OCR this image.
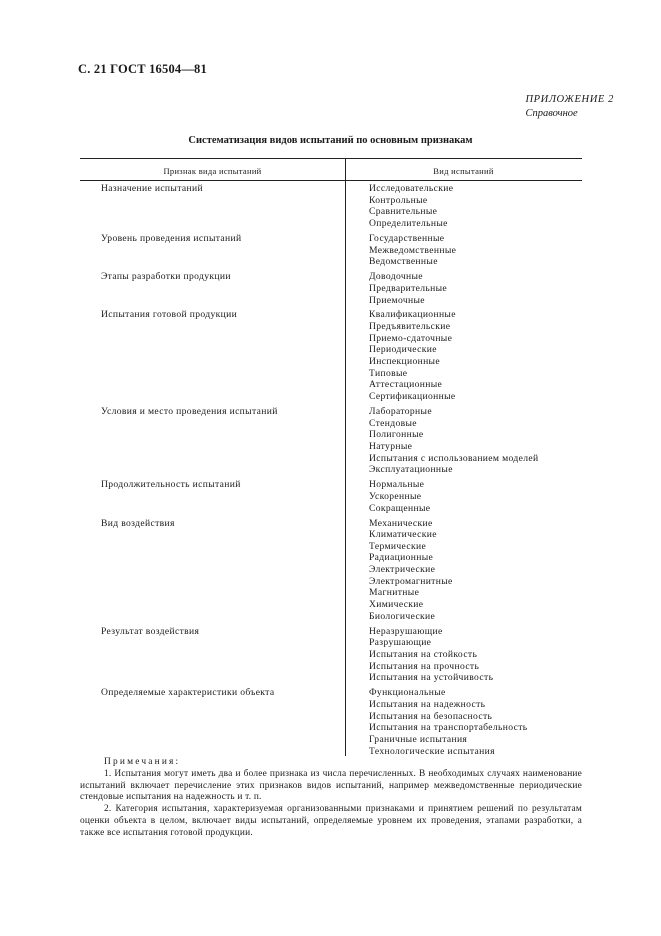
С. 21 ГОСТ 16504—81
ПРИЛОЖЕНИЕ 2
Справочное
Систематизация видов испытаний по основным признакам
Признак вида испытаний	Вид испытаний
Назначение испытаний	Исследовательские
Контрольные
Сравнительные
Определительные
Уровень проведения испытаний	Государственные
Межведомственные
Ведомственные
Этапы разработки продукции	Доводочные
Предварительные
Приемочные
Испытания готовой продукции	Квалификационные
Предъявительские
Приемо-сдаточные
Периодические
Инспекционные
Типовые
Аттестационные
Сертификационные
Условия и место проведения испытаний	Лабораторные
Стендовые
Полигонные
Натурные
Испытания с использованием моделей
Эксплуатационные
Продолжительность испытаний	Нормальные
Ускоренные
Сокращенные
Вид воздействия	Механические
Климатические
Термические
Радиационные
Электрические
Электромагнитные
Магнитные
Химические
Биологические
Результат воздействия	Неразрушающие
Разрушающие
Испытания на стойкость
Испытания на прочность
Испытания на устойчивость
Определяемые характеристики объекта	Функциональные
Испытания на надежность
Испытания на безопасность
Испытания на транспортабельность
Граничные испытания
Технологические испытания
Примечания:

1. Испытания могут иметь два и более признака из числа перечисленных. В необходимых случаях наименование испытаний включает перечисление этих признаков видов испытаний, например межведомственные периодические стендовые испытания на надежность и т. п.

2. Категория испытания, характеризуемая организованными признаками и принятием решений по результатам оценки объекта в целом, включает виды испытаний, определяемые уровнем их проведения, этапами разработки, а также все испытания готовой продукции.
